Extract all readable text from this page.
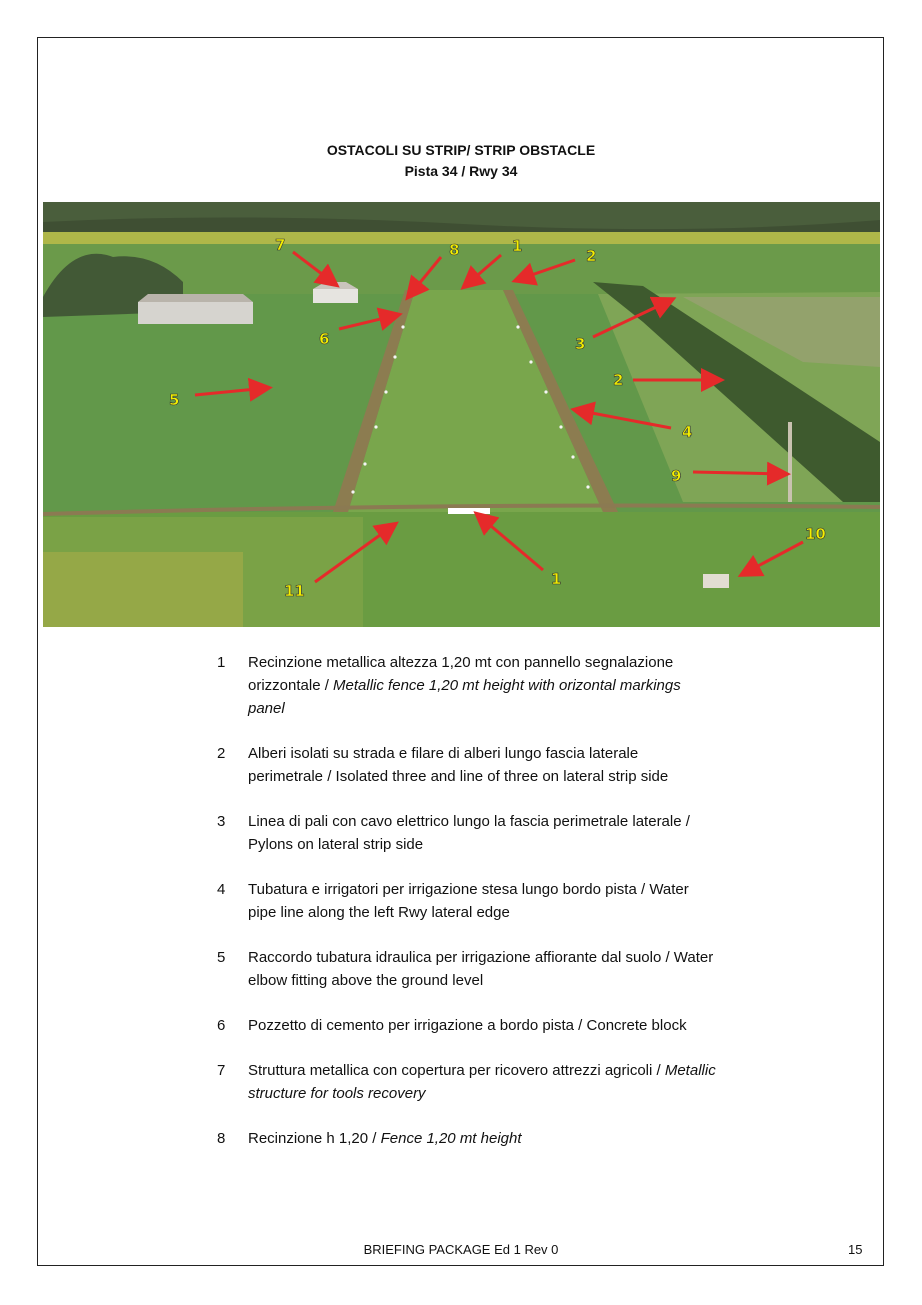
OSTACOLI SU STRIP/ STRIP OBSTACLE
Pista 34 / Rwy 34
7	8	1
2
6	3
5
2
4
9
10
11
1
1	Recinzione metallica altezza 1,20 mt con pannello segnalazione orizzontale / Metallic fence 1,20 mt height with orizontal markings panel
2	Alberi isolati su strada e filare di alberi lungo fascia laterale perimetrale / Isolated three and line of three on lateral strip side
3	Linea di pali con cavo elettrico lungo la fascia perimetrale laterale / Pylons on lateral strip side
4	Tubatura e irrigatori per irrigazione stesa lungo bordo pista / Water pipe line along the left Rwy lateral edge
5	Raccordo tubatura idraulica per irrigazione affiorante dal suolo / Water elbow fitting above the ground level
6	Pozzetto di cemento per irrigazione a bordo pista / Concrete block
7	Struttura metallica con copertura per ricovero attrezzi agricoli / Metallic structure for tools recovery
8	Recinzione h 1,20 / Fence 1,20 mt height
BRIEFING PACKAGE Ed 1 Rev 0	15
